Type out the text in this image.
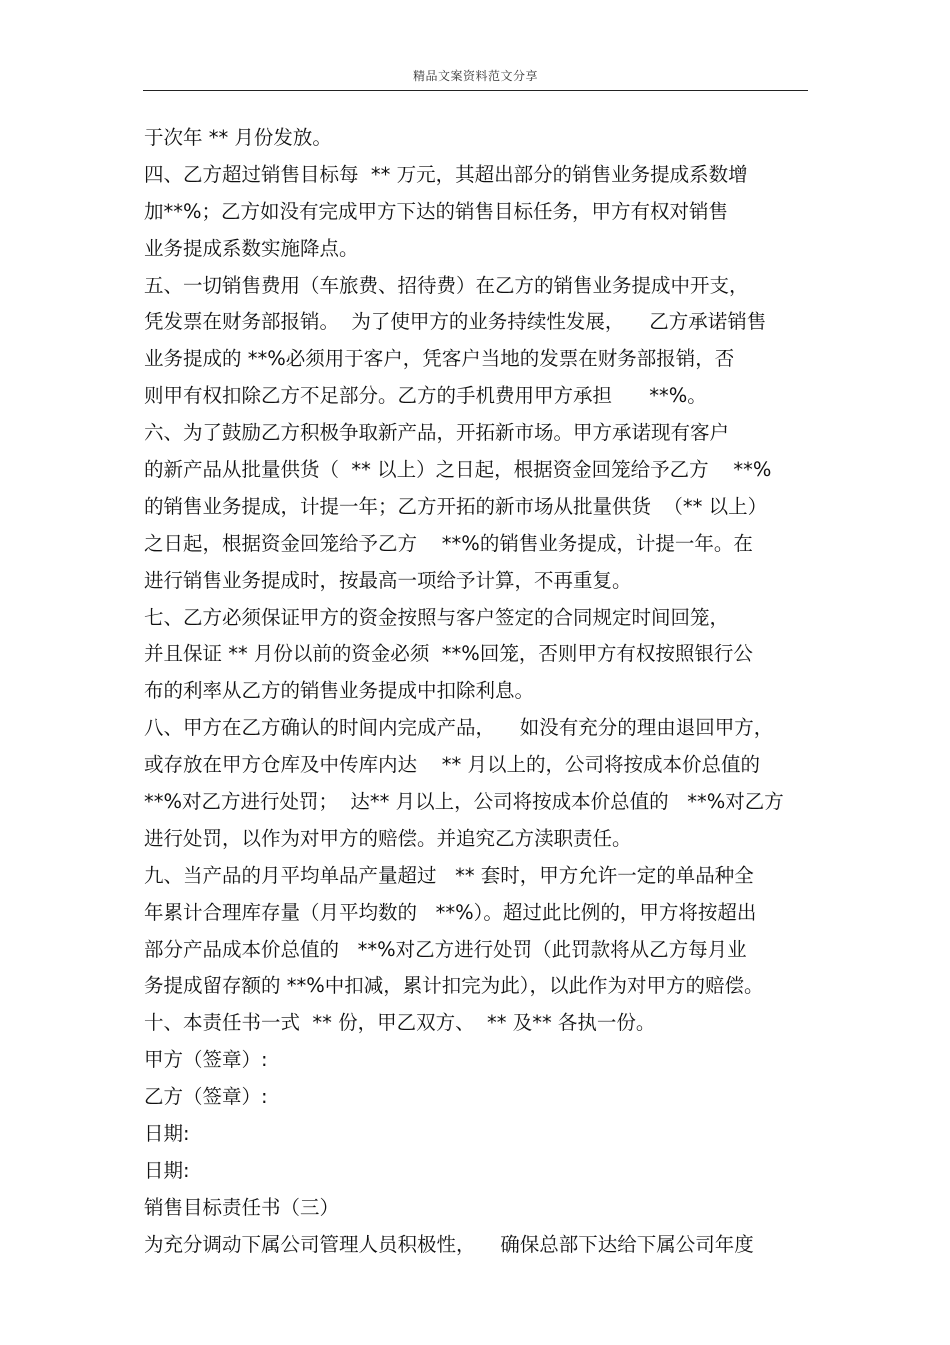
精品文案资料范文分享
于次年 ** 月份发放。
四、乙方超过销售目标每  ** 万元，其超出部分的销售业务提成系数增
加**%；乙方如没有完成甲方下达的销售目标任务，甲方有权对销售
业务提成系数实施降点。
五、一切销售费用（车旅费、招待费）在乙方的销售业务提成中开支，
凭发票在财务部报销。  为了使甲方的业务持续性发展，    乙方承诺销售
业务提成的 **%必须用于客户，凭客户当地的发票在财务部报销，否
则甲有权扣除乙方不足部分。乙方的手机费用甲方承担      **%。
六、为了鼓励乙方积极争取新产品，开拓新市场。甲方承诺现有客户
的新产品从批量供货（  ** 以上）之日起，根据资金回笼给予乙方    **%
的销售业务提成，计提一年；乙方开拓的新市场从批量供货  （** 以上）
之日起，根据资金回笼给予乙方    **%的销售业务提成，计提一年。在
进行销售业务提成时，按最高一项给予计算，不再重复。
七、乙方必须保证甲方的资金按照与客户签定的合同规定时间回笼，
并且保证 ** 月份以前的资金必须  **%回笼，否则甲方有权按照银行公
布的利率从乙方的销售业务提成中扣除利息。
八、甲方在乙方确认的时间内完成产品，    如没有充分的理由退回甲方，
或存放在甲方仓库及中传库内达    ** 月以上的，公司将按成本价总值的
**%对乙方进行处罚；  达** 月以上，公司将按成本价总值的   **%对乙方
进行处罚，以作为对甲方的赔偿。并追究乙方渎职责任。
九、当产品的月平均单品产量超过   ** 套时，甲方允许一定的单品种全
年累计合理库存量（月平均数的   **%）。超过此比例的，甲方将按超出
部分产品成本价总值的   **%对乙方进行处罚（此罚款将从乙方每月业
务提成留存额的 **%中扣减，累计扣完为此），以此作为对甲方的赔偿。
十、本责任书一式  ** 份，甲乙双方、  ** 及** 各执一份。
甲方（签章）:
乙方（签章）:
日期:
日期:
销售目标责任书（三）
为充分调动下属公司管理人员积极性，    确保总部下达给下属公司年度
